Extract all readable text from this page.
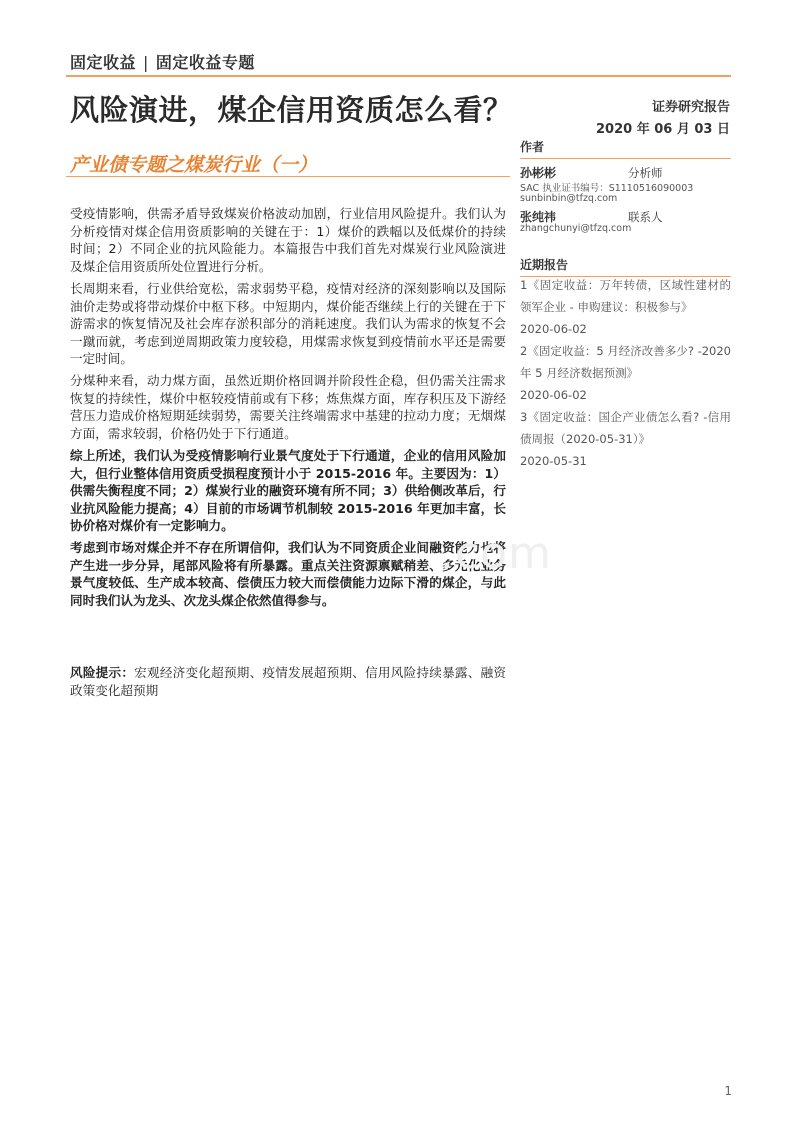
固定收益 | 固定收益专题
风险演进，煤企信用资质怎么看？	证券研究报告
2020 年 06 月 03 日
产业债专题之煤炭行业（一）

受疫情影响，供需矛盾导致煤炭价格波动加剧，行业信用风险提升。我们认为分析疫情对煤企信用资质影响的关键在于：1）煤价的跌幅以及低煤价的持续时间；2）不同企业的抗风险能力。本篇报告中我们首先对煤炭行业风险演进及煤企信用资质所处位置进行分析。

长周期来看，行业供给宽松，需求弱势平稳，疫情对经济的深刻影响以及国际油价走势或将带动煤价中枢下移。中短期内，煤价能否继续上行的关键在于下游需求的恢复情况及社会库存淤积部分的消耗速度。我们认为需求的恢复不会一蹴而就，考虑到逆周期政策力度较稳，用煤需求恢复到疫情前水平还是需要一定时间。

分煤种来看，动力煤方面，虽然近期价格回调并阶段性企稳，但仍需关注需求恢复的持续性，煤价中枢较疫情前或有下移；炼焦煤方面，库存积压及下游经营压力造成价格短期延续弱势，需要关注终端需求中基建的拉动力度；无烟煤方面，需求较弱，价格仍处于下行通道。

综上所述，我们认为受疫情影响行业景气度处于下行通道，企业的信用风险加大，但行业整体信用资质受损程度预计小于 2015-2016 年。主要因为：1）供需失衡程度不同；2）煤炭行业的融资环境有所不同；3）供给侧改革后，行业抗风险能力提高；4）目前的市场调节机制较 2015-2016 年更加丰富，长协价格对煤价有一定影响力。

考虑到市场对煤企并不存在所谓信仰，我们认为不同资质企业间融资能力也将产生进一步分异，尾部风险将有所暴露。重点关注资源禀赋稍差、多元化业务景气度较低、生产成本较高、偿债压力较大而偿债能力边际下滑的煤企，与此同时我们认为龙头、次龙头煤企依然值得参与。

风险提示：宏观经济变化超预期、疫情发展超预期、信用风险持续暴露、融资政策变化超预期

作者
孙彬彬	分析师
SAC 执业证书编号：S1110516090003
sunbinbin@tfzq.com
张纯祎	联系人
zhangchunyi@tfzq.com
近期报告
1《固定收益：万年转债，区域性建材的领军企业 - 申购建议：积极参与》
2020-06-02
2《固定收益：5 月经济改善多少? -2020 年 5 月经济数据预测》
2020-06-02
3《固定收益：国企产业债怎么看? -信用债周报（2020-05-31）》
2020-05-31
.com
1
